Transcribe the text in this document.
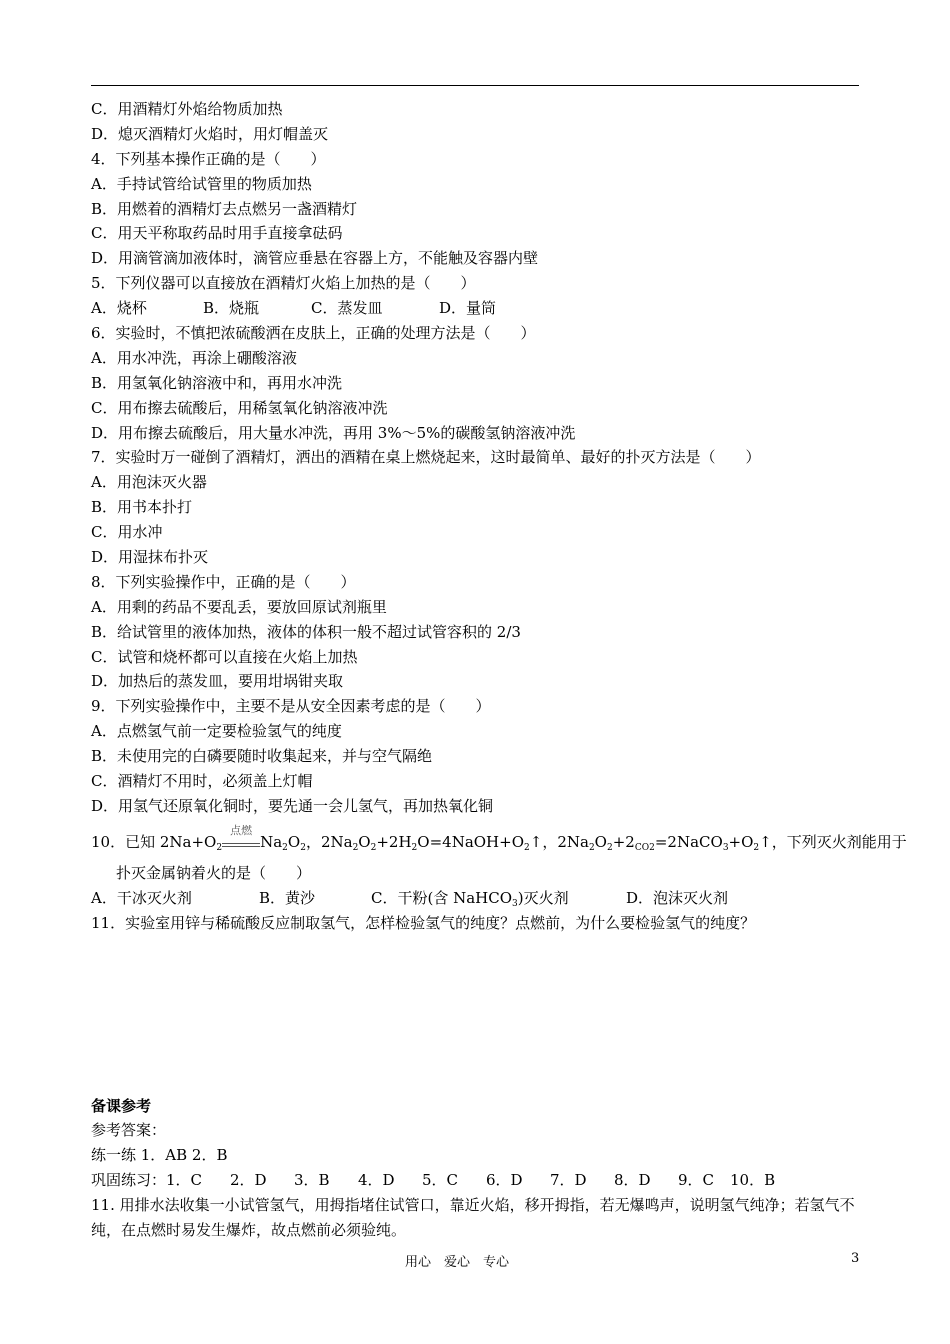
C．用酒精灯外焰给物质加热
D．熄灭酒精灯火焰时，用灯帽盖灭
4．下列基本操作正确的是（　　）
A．手持试管给试管里的物质加热
B．用燃着的酒精灯去点燃另一盏酒精灯
C．用天平称取药品时用手直接拿砝码
D．用滴管滴加液体时，滴管应垂悬在容器上方，不能触及容器内壁
5．下列仪器可以直接放在酒精灯火焰上加热的是（　　）
A．烧杯	B．烧瓶	C．蒸发皿	D．量筒
6．实验时，不慎把浓硫酸洒在皮肤上，正确的处理方法是（　　）
A．用水冲洗，再涂上硼酸溶液
B．用氢氧化钠溶液中和，再用水冲洗
C．用布擦去硫酸后，用稀氢氧化钠溶液冲洗
D．用布擦去硫酸后，用大量水冲洗，再用 3%～5%的碳酸氢钠溶液冲洗
7．实验时万一碰倒了酒精灯，洒出的酒精在桌上燃烧起来，这时最简单、最好的扑灭方法是（　　）
A．用泡沫灭火器
B．用书本扑打
C．用水冲
D．用湿抹布扑灭
8．下列实验操作中，正确的是（　　）
A．用剩的药品不要乱丢，要放回原试剂瓶里
B．给试管里的液体加热，液体的体积一般不超过试管容积的 2/3
C．试管和烧杯都可以直接在火焰上加热
D．加热后的蒸发皿，要用坩埚钳夹取
9．下列实验操作中，主要不是从安全因素考虑的是（　　）
A．点燃氢气前一定要检验氢气的纯度
B．未使用完的白磷要随时收集起来，并与空气隔绝
C．酒精灯不用时，必须盖上灯帽
D．用氢气还原氧化铜时，要先通一会儿氢气，再加热氧化铜
10．已知 $2Na+O_2$
点燃
$Na_2O_2$，$2Na_2O_2+2H_2O=4NaOH+O_2↑$，$2Na_2O_2+2_{CO2}=2NaCO_3+O_2↑$，下列灭火剂能用于
扑灭金属钠着火的是（　　）
A．干冰灭火剂	B．黄沙	C．干粉(含 NaHCO$_3$)灭火剂	D．泡沫灭火剂
11．实验室用锌与稀硫酸反应制取氢气，怎样检验氢气的纯度？点燃前，为什么要检验氢气的纯度？
备课参考
参考答案：
练一练 1．AB 2．B
巩固练习：1．C 2．D 3．B 4．D 5．C 6．D 7．D 8．D 9．C 10．B
11. 用排水法收集一小试管氢气，用拇指堵住试管口，靠近火焰，移开拇指，若无爆鸣声，说明氢气纯净；若氢气不纯，在点燃时易发生爆炸，故点燃前必须验纯。
用心　爱心　专心	3
